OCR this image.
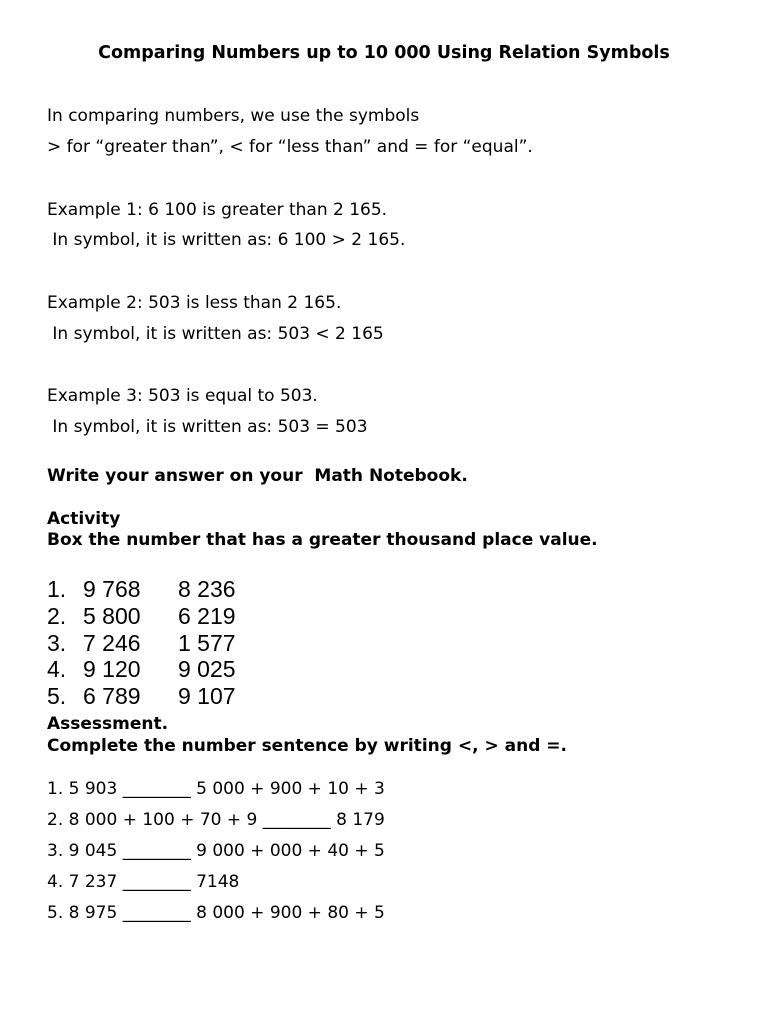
Comparing Numbers up to 10 000 Using Relation Symbols
In comparing numbers, we use the symbols
> for “greater than”, < for “less than” and = for “equal”.
Example 1: 6 100 is greater than 2 165.
In symbol, it is written as: 6 100 > 2 165.
Example 2: 503 is less than 2 165.
In symbol, it is written as: 503 < 2 165
Example 3: 503 is equal to 503.
In symbol, it is written as: 503 = 503
Write your answer on your  Math Notebook.
Activity
Box the number that has a greater thousand place value.

1.

9 768

8 236

2.

5 800

6 219

3.

7 246

1 577

4.

9 120

9 025

5.

6 789

9 107

Assessment.
Complete the number sentence by writing <, > and =.
1. 5 903 ________ 5 000 + 900 + 10 + 3
2. 8 000 + 100 + 70 + 9 ________ 8 179
3. 9 045 ________ 9 000 + 000 + 40 + 5
4. 7 237 ________ 7148
5. 8 975 ________ 8 000 + 900 + 80 + 5
